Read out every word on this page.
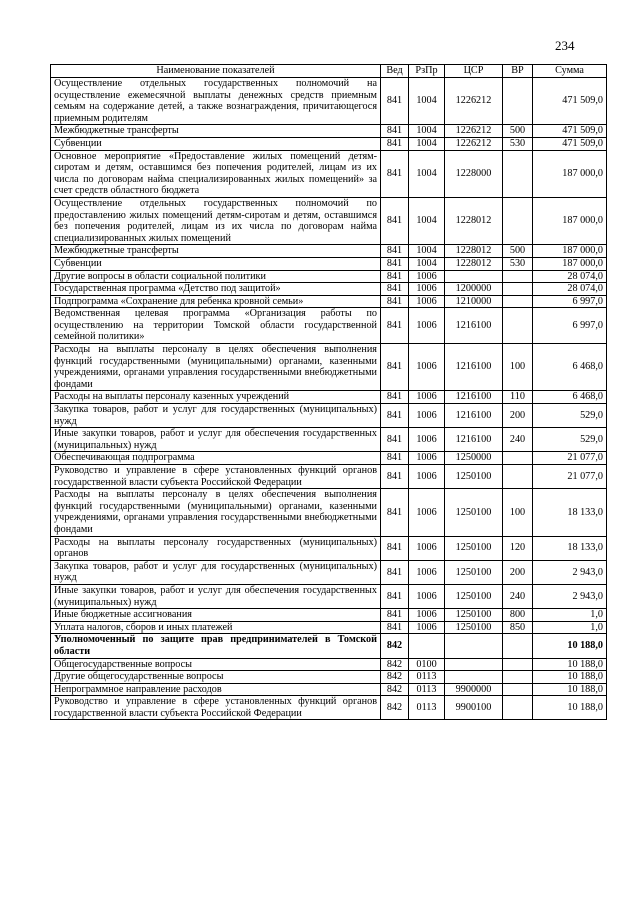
234
Наименование показателей	Вед	РзПр	ЦСР	ВР	Сумма
Осуществление отдельных государственных полномочий на осуществление ежемесячной выплаты денежных средств приемным семьям на содержание детей, а также вознаграждения, причитающегося приемным родителям	841	1004	1226212		471 509,0
Межбюджетные трансферты	841	1004	1226212	500	471 509,0
Субвенции	841	1004	1226212	530	471 509,0
Основное мероприятие «Предоставление жилых помещений детям-сиротам и детям, оставшимся без попечения родителей, лицам из их числа по договорам найма специализированных жилых помещений» за счет средств областного бюджета	841	1004	1228000		187 000,0
Осуществление отдельных государственных полномочий по предоставлению жилых помещений детям-сиротам и детям, оставшимся без попечения родителей, лицам из их числа по договорам найма специализированных жилых помещений	841	1004	1228012		187 000,0
Межбюджетные трансферты	841	1004	1228012	500	187 000,0
Субвенции	841	1004	1228012	530	187 000,0
Другие вопросы в области социальной политики	841	1006			28 074,0
Государственная программа «Детство под защитой»	841	1006	1200000		28 074,0
Подпрограмма «Сохранение для ребенка кровной семьи»	841	1006	1210000		6 997,0
Ведомственная целевая программа «Организация работы по осуществлению на территории Томской области государственной семейной политики»	841	1006	1216100		6 997,0
Расходы на выплаты персоналу в целях обеспечения выполнения функций государственными (муниципальными) органами, казенными учреждениями, органами управления государственными внебюджетными фондами	841	1006	1216100	100	6 468,0
Расходы на выплаты персоналу казенных учреждений	841	1006	1216100	110	6 468,0
Закупка товаров, работ и услуг для государственных (муниципальных) нужд	841	1006	1216100	200	529,0
Иные закупки товаров, работ и услуг для обеспечения государственных (муниципальных) нужд	841	1006	1216100	240	529,0
Обеспечивающая подпрограмма	841	1006	1250000		21 077,0
Руководство и управление в сфере установленных функций органов государственной власти субъекта Российской Федерации	841	1006	1250100		21 077,0
Расходы на выплаты персоналу в целях обеспечения выполнения функций государственными (муниципальными) органами, казенными учреждениями, органами управления государственными внебюджетными фондами	841	1006	1250100	100	18 133,0
Расходы на выплаты персоналу государственных (муниципальных) органов	841	1006	1250100	120	18 133,0
Закупка товаров, работ и услуг для государственных (муниципальных) нужд	841	1006	1250100	200	2 943,0
Иные закупки товаров, работ и услуг для обеспечения государственных (муниципальных) нужд	841	1006	1250100	240	2 943,0
Иные бюджетные ассигнования	841	1006	1250100	800	1,0
Уплата налогов, сборов и иных платежей	841	1006	1250100	850	1,0
Уполномоченный по защите прав предпринимателей в Томской области	842				10 188,0
Общегосударственные вопросы	842	0100			10 188,0
Другие общегосударственные вопросы	842	0113			10 188,0
Непрограммное направление расходов	842	0113	9900000		10 188,0
Руководство и управление в сфере установленных функций органов государственной власти субъекта Российской Федерации	842	0113	9900100		10 188,0
